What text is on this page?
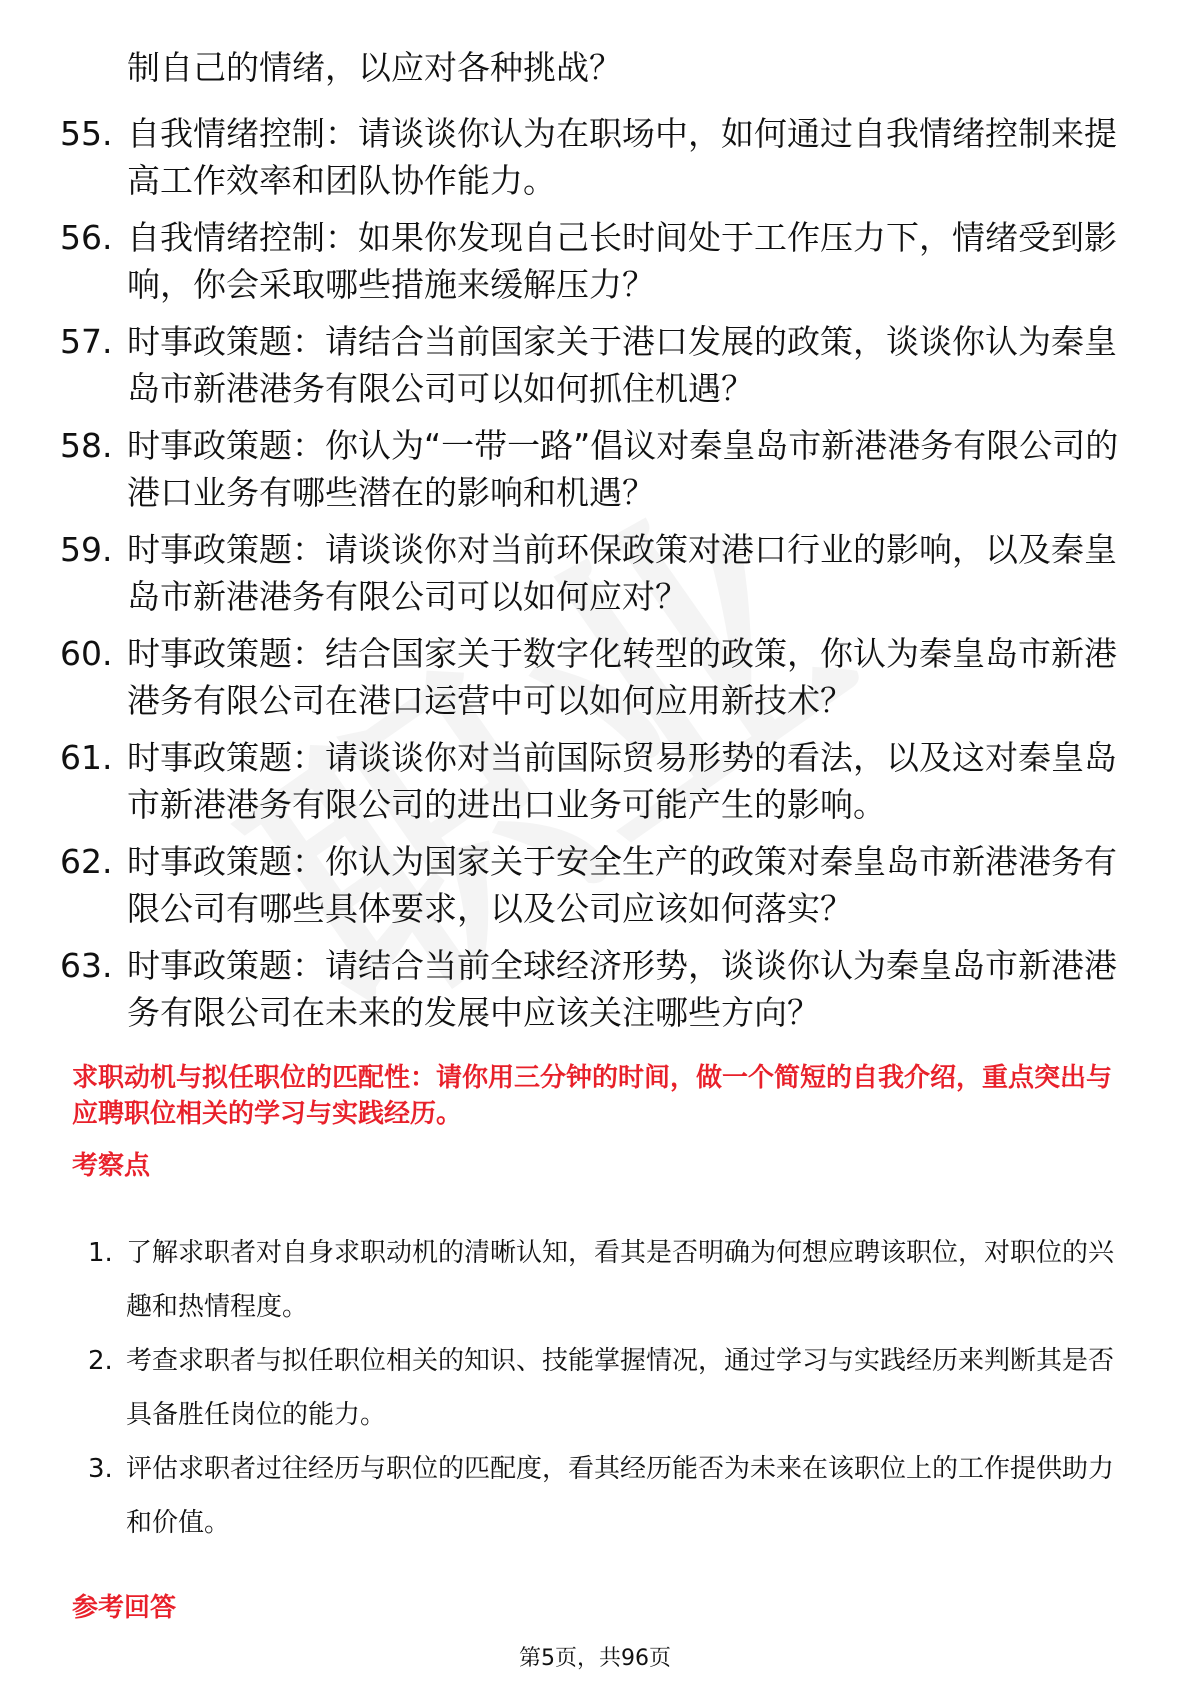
制自己的情绪，以应对各种挑战？
55. 自我情绪控制：请谈谈你认为在职场中，如何通过自我情绪控制来提高工作效率和团队协作能力。
56. 自我情绪控制：如果你发现自己长时间处于工作压力下，情绪受到影响，你会采取哪些措施来缓解压力？
57. 时事政策题：请结合当前国家关于港口发展的政策，谈谈你认为秦皇岛市新港港务有限公司可以如何抓住机遇？
58. 时事政策题：你认为“一带一路”倡议对秦皇岛市新港港务有限公司的港口业务有哪些潜在的影响和机遇？
59. 时事政策题：请谈谈你对当前环保政策对港口行业的影响，以及秦皇岛市新港港务有限公司可以如何应对？
60. 时事政策题：结合国家关于数字化转型的政策，你认为秦皇岛市新港港务有限公司在港口运营中可以如何应用新技术？
61. 时事政策题：请谈谈你对当前国际贸易形势的看法，以及这对秦皇岛市新港港务有限公司的进出口业务可能产生的影响。
62. 时事政策题：你认为国家关于安全生产的政策对秦皇岛市新港港务有限公司有哪些具体要求，以及公司应该如何落实？
63. 时事政策题：请结合当前全球经济形势，谈谈你认为秦皇岛市新港港务有限公司在未来的发展中应该关注哪些方向？
求职动机与拟任职位的匹配性：请你用三分钟的时间，做一个简短的自我介绍，重点突出与应聘职位相关的学习与实践经历。
考察点
1. 了解求职者对自身求职动机的清晰认知，看其是否明确为何想应聘该职位，对职位的兴趣和热情程度。
2. 考查求职者与拟任职位相关的知识、技能掌握情况，通过学习与实践经历来判断其是否具备胜任岗位的能力。
3. 评估求职者过往经历与职位的匹配度，看其经历能否为未来在该职位上的工作提供助力和价值。
参考回答
第5页，共96页
